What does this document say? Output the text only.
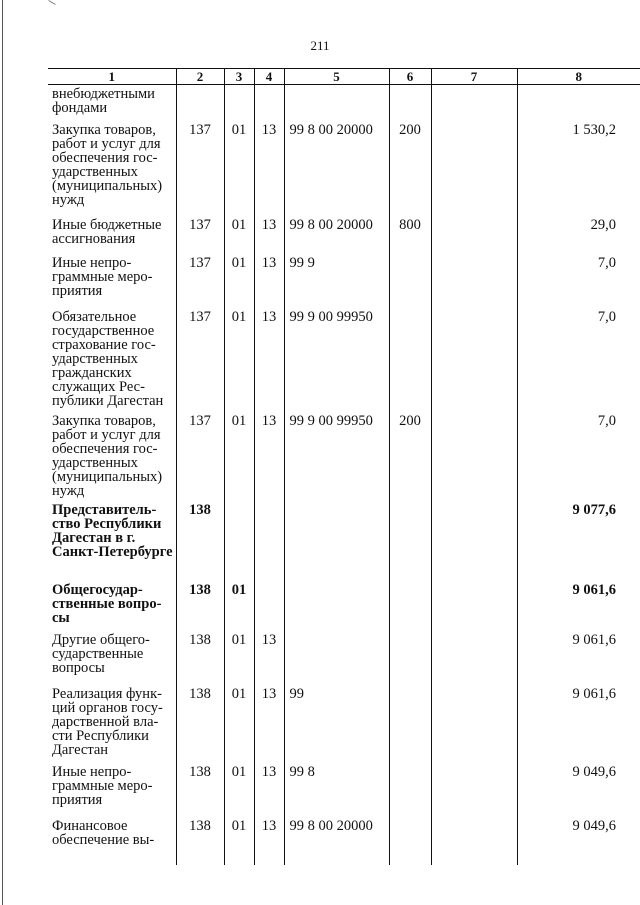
211
1	2	3	4	5	6	7	8
внебюджетными фондами							
Закупка товаров, работ и услуг для обеспечения гос-ударственных (муниципальных) нужд	137	01	13	99 8 00 20000	200		1 530,2
Иные бюджетные ассигнования	137	01	13	99 8 00 20000	800		29,0
Иные непро-граммные меро-приятия	137	01	13	99 9			7,0
Обязательное государственное страхование гос-ударственных гражданских служащих Рес-публики Дагестан	137	01	13	99 9 00 99950			7,0
Закупка товаров, работ и услуг для обеспечения гос-ударственных (муниципальных) нужд	137	01	13	99 9 00 99950	200		7,0
Представитель-ство Республики Дагестан в г. Санкт-Петербурге	138						9 077,6
Общегосудар-ственные вопро-сы	138	01					9 061,6
Другие общего-сударственные вопросы	138	01	13				9 061,6
Реализация функ-ций органов госу-дарственной вла-сти Республики Дагестан	138	01	13	99			9 061,6
Иные непро-граммные меро-приятия	138	01	13	99 8			9 049,6
Финансовое обеспечение вы-	138	01	13	99 8 00 20000			9 049,6
